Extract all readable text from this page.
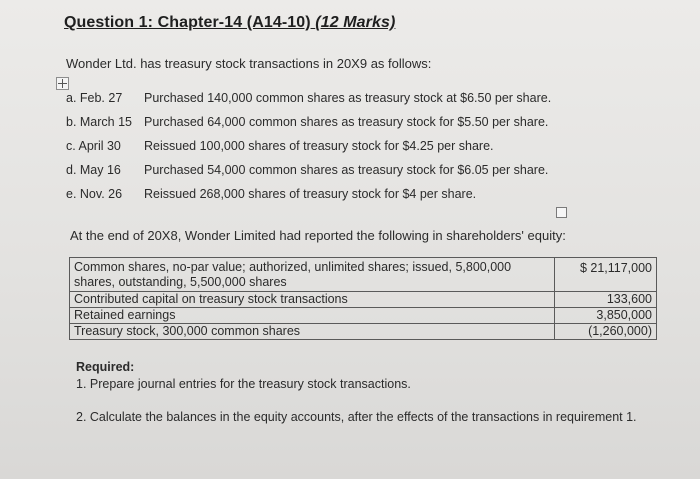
Question 1: Chapter-14 (A14-10) (12 Marks)
Wonder Ltd. has treasury stock transactions in 20X9 as follows:
a. Feb. 27 Purchased 140,000 common shares as treasury stock at $6.50 per share.
b. March 15 Purchased 64,000 common shares as treasury stock for $5.50 per share.
c. April 30 Reissued 100,000 shares of treasury stock for $4.25 per share.
d. May 16 Purchased 54,000 common shares as treasury stock for $6.05 per share.
e. Nov. 26 Reissued 268,000 shares of treasury stock for $4 per share.
At the end of 20X8, Wonder Limited had reported the following in shareholders' equity:
Common shares, no-par value; authorized, unlimited shares; issued, 5,800,000 shares, outstanding, 5,500,000 shares	$ 21,117,000
Contributed capital on treasury stock transactions	133,600
Retained earnings	3,850,000
Treasury stock, 300,000 common shares	(1,260,000)
Required:
1. Prepare journal entries for the treasury stock transactions.
2. Calculate the balances in the equity accounts, after the effects of the transactions in requirement 1.
